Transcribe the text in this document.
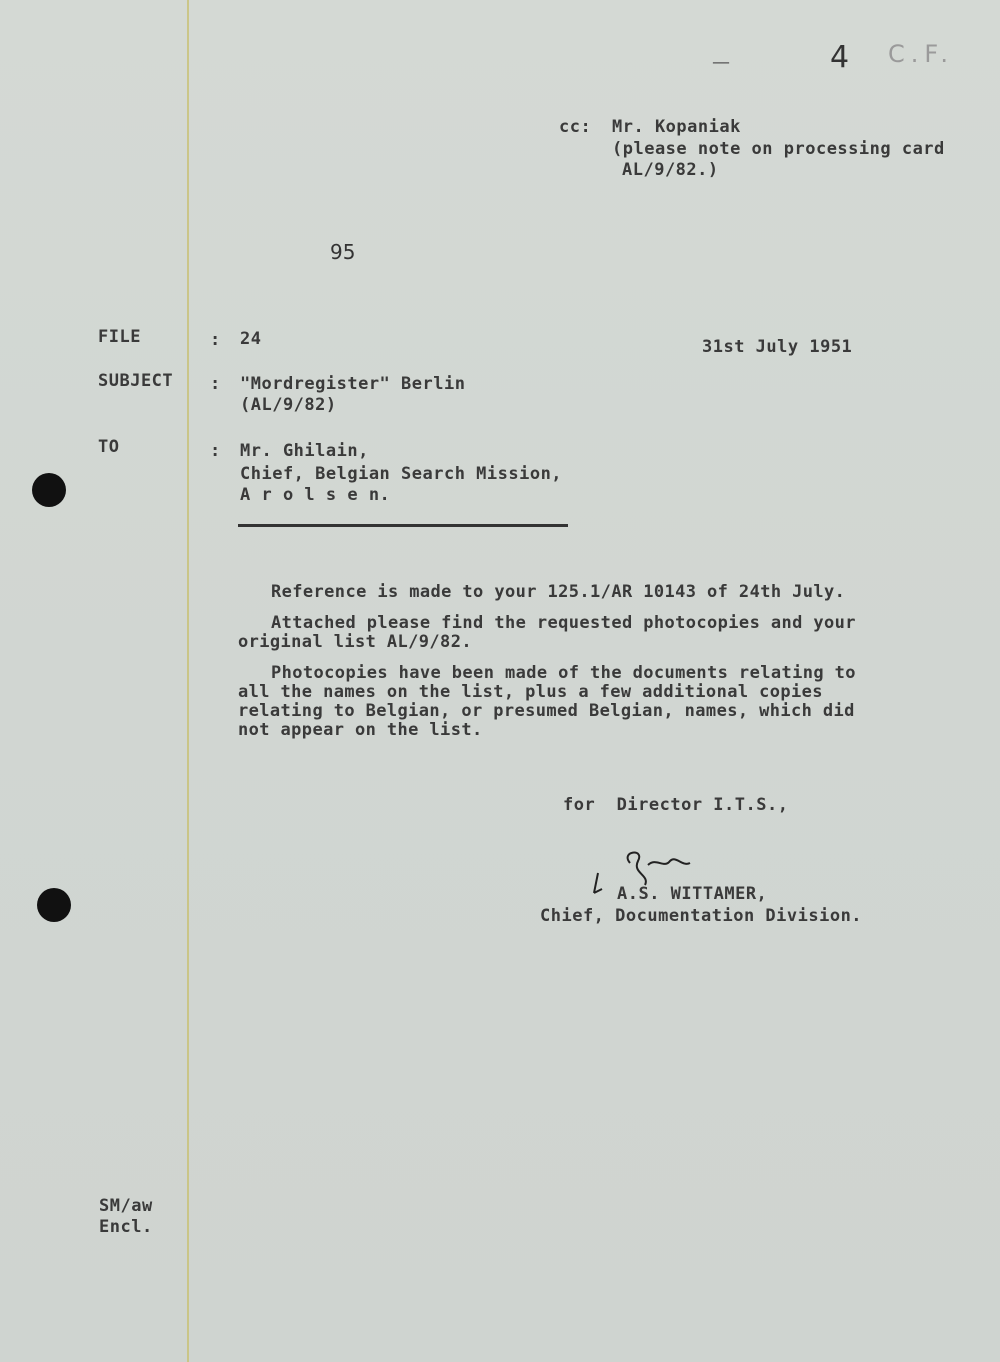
—	4 C.F.
cc: Mr. Kopaniak
(please note on processing card
AL/9/82.)
95
FILE	: 24	31st July 1951
SUBJECT : "Mordregister" Berlin
(AL/9/82)
TO	: Mr. Ghilain,
Chief, Belgian Search Mission,
A r o l s e n.

Reference is made to your 125.1/AR 10143 of 24th July.

Attached please find the requested photocopies and your original list AL/9/82.

Photocopies have been made of the documents relating to all the names on the list, plus a few additional copies relating to Belgian, or presumed Belgian, names, which did not appear on the list.

for  Director I.T.S.,
A.S. WITTAMER,
Chief, Documentation Division.
SM/aw
Encl.
